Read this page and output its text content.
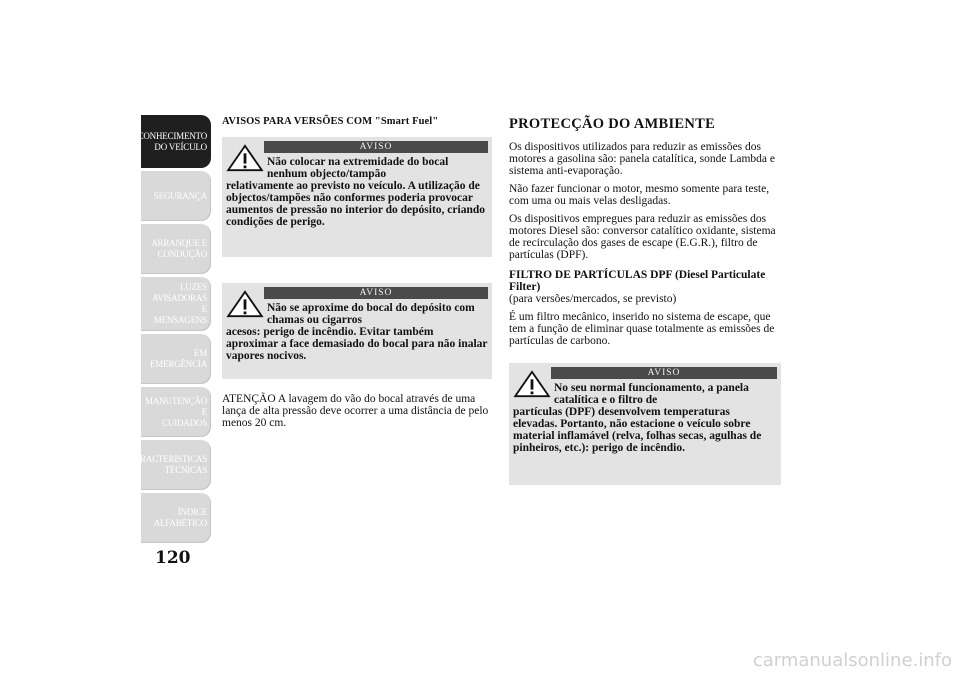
CONHECIMENTO
DO VEÍCULO
SEGURANÇA
ARRANQUE E
CONDUÇÃO
LUZES
AVISADORAS E
MENSAGENS
EM EMERGÊNCIA
MANUTENÇÃO E
CUIDADOS
CARACTERÍSTICAS
TÉCNICAS
ÍNDICE
ALFABÉTICO
120
AVISOS PARA VERSÕES COM "Smart Fuel"
AVISO

Não colocar na extremidade do bocal nenhum objecto/tampão

relativamente ao previsto no veículo. A utilização de objectos/tampões não conformes poderia provocar aumentos de pressão no interior do depósito, criando condições de perigo.

AVISO

Não se aproxime do bocal do depósito com chamas ou cigarros

acesos: perigo de incêndio. Evitar também aproximar a face demasiado do bocal para não inalar vapores nocivos.

ATENÇÃO A lavagem do vão do bocal através de uma lança de alta pressão deve ocorrer a uma distância de pelo menos 20 cm.

PROTECÇÃO DO AMBIENTE

Os dispositivos utilizados para reduzir as emissões dos motores a gasolina são: panela catalítica, sonde Lambda e sistema anti-evaporação.

Não fazer funcionar o motor, mesmo somente para teste, com uma ou mais velas desligadas.

Os dispositivos empregues para reduzir as emissões dos motores Diesel são: conversor catalítico oxidante, sistema de recirculação dos gases de escape (E.G.R.), filtro de partículas (DPF).

FILTRO DE PARTÍCULAS DPF (Diesel Particulate Filter)

(para versões/mercados, se previsto)

É um filtro mecânico, inserido no sistema de escape, que tem a função de eliminar quase totalmente as emissões de partículas de carbono.

AVISO

No seu normal funcionamento, a panela catalítica e o filtro de

partículas (DPF) desenvolvem temperaturas elevadas. Portanto, não estacione o veículo sobre material inflamável (relva, folhas secas, agulhas de pinheiros, etc.): perigo de incêndio.

carmanualsonline.info
